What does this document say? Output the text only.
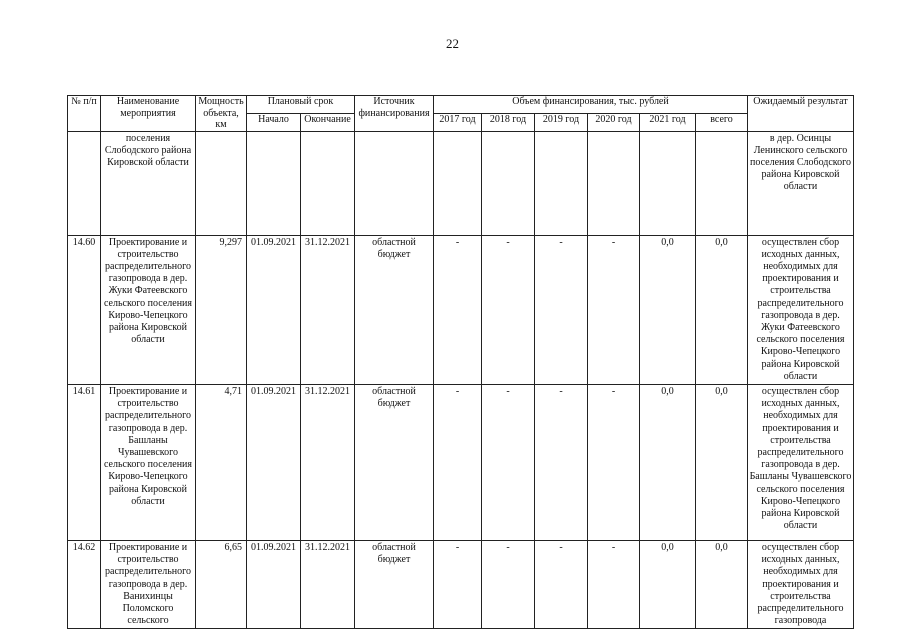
22
№ п/п	Наименование мероприятия	Мощность объекта, км	Плановый срок		Источник финансирования	Объем финансирования, тыс. рублей						Ожидаемый результат
			Начало	Окончание		2017 год	2018 год	2019 год	2020 год	2021 год	всего	
	поселения Слободского района Кировской области											в дер. Осинцы Ленинского сельского поселения Слободского района Кировской области
14.60	Проектирование и строительство распределительного газопровода в дер. Жуки Фатеевского сельского поселения Кирово-Чепецкого района Кировской области	9,297	01.09.2021	31.12.2021	областной бюджет	-	-	-	-	0,0	0,0	осуществлен сбор исходных данных, необходимых для проектирования и строительства распределительного газопровода в дер. Жуки Фатеевского сельского поселения Кирово-Чепецкого района Кировской области
14.61	Проектирование и строительство распределительного газопровода в дер. Башланы Чувашевского сельского поселения Кирово-Чепецкого района Кировской области	4,71	01.09.2021	31.12.2021	областной бюджет	-	-	-	-	0,0	0,0	осуществлен сбор исходных данных, необходимых для проектирования и строительства распределительного газопровода в дер. Башланы Чувашевского сельского поселения Кирово-Чепецкого района Кировской области
14.62	Проектирование и строительство распределительного газопровода в дер. Ванихинцы Поломского сельского	6,65	01.09.2021	31.12.2021	областной бюджет	-	-	-	-	0,0	0,0	осуществлен сбор исходных данных, необходимых для проектирования и строительства распределительного газопровода
